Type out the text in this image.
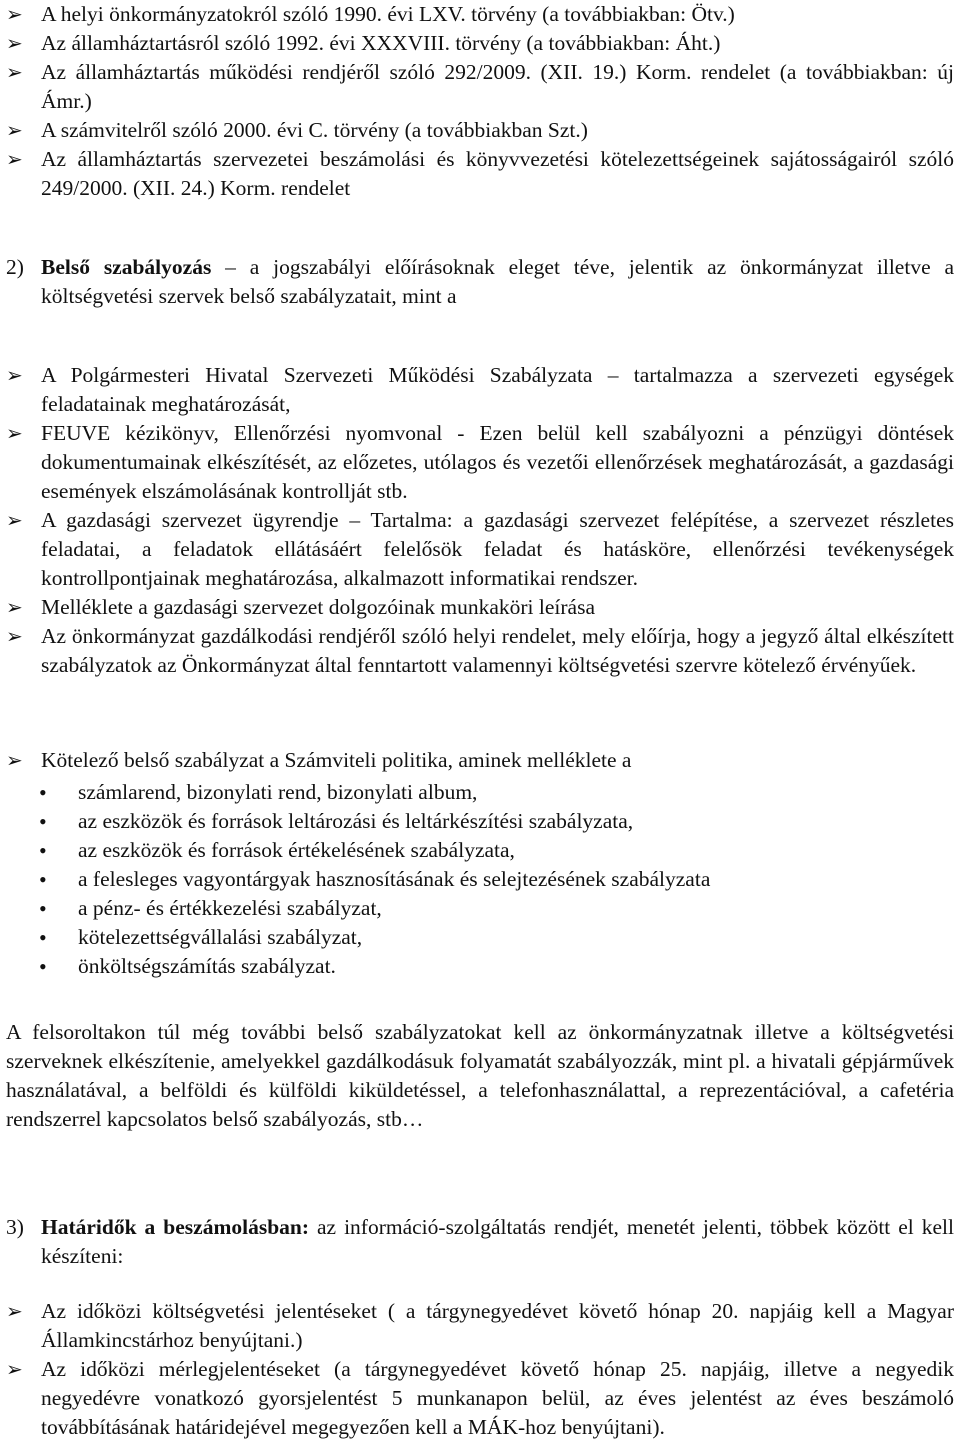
➢ A helyi önkormányzatokról szóló 1990. évi LXV. törvény (a továbbiakban: Ötv.)
➢ Az államháztartásról szóló 1992. évi XXXVIII. törvény (a továbbiakban: Áht.)
➢ Az államháztartás működési rendjéről szóló 292/2009. (XII. 19.) Korm. rendelet (a továbbiakban: új Ámr.)
➢ A számvitelről szóló 2000. évi C. törvény (a továbbiakban Szt.)
➢ Az államháztartás szervezetei beszámolási és könyvvezetési kötelezettségeinek sajátosságairól szóló 249/2000. (XII. 24.) Korm. rendelet
2) Belső szabályozás – a jogszabályi előírásoknak eleget téve, jelentik az önkormányzat illetve a költségvetési szervek belső szabályzatait, mint a
➢ A Polgármesteri Hivatal Szervezeti Működési Szabályzata – tartalmazza a szervezeti egységek feladatainak meghatározását,
➢ FEUVE kézikönyv, Ellenőrzési nyomvonal - Ezen belül kell szabályozni a pénzügyi döntések dokumentumainak elkészítését, az előzetes, utólagos és vezetői ellenőrzések meghatározását, a gazdasági események elszámolásának kontrollját stb.
➢ A gazdasági szervezet ügyrendje – Tartalma: a gazdasági szervezet felépítése, a szervezet részletes feladatai, a feladatok ellátásáért felelősök feladat és hatásköre, ellenőrzési tevékenységek kontrollpontjainak meghatározása, alkalmazott informatikai rendszer.
➢ Melléklete a gazdasági szervezet dolgozóinak munkaköri leírása
➢ Az önkormányzat gazdálkodási rendjéről szóló helyi rendelet, mely előírja, hogy a jegyző által elkészített szabályzatok az Önkormányzat által fenntartott valamennyi költségvetési szervre kötelező érvényűek.
➢ Kötelező belső szabályzat a Számviteli politika, aminek melléklete a
• számlarend, bizonylati rend, bizonylati album,
• az eszközök és források leltározási és leltárkészítési szabályzata,
• az eszközök és források értékelésének szabályzata,
• a felesleges vagyontárgyak hasznosításának és selejtezésének szabályzata
• a pénz- és értékkezelési szabályzat,
• kötelezettségvállalási szabályzat,
• önköltségszámítás szabályzat.
A felsoroltakon túl még további belső szabályzatokat kell az önkormányzatnak illetve a költségvetési szerveknek elkészítenie, amelyekkel gazdálkodásuk folyamatát szabályozzák, mint pl. a hivatali gépjárművek használatával, a belföldi és külföldi kiküldetéssel, a telefonhasználattal, a reprezentációval, a cafetéria rendszerrel kapcsolatos belső szabályozás, stb…
3) Határidők a beszámolásban: az információ-szolgáltatás rendjét, menetét jelenti, többek között el kell készíteni:
➢ Az időközi költségvetési jelentéseket ( a tárgynegyedévet követő hónap 20. napjáig kell a Magyar Államkincstárhoz benyújtani.)
➢ Az időközi mérlegjelentéseket (a tárgynegyedévet követő hónap 25. napjáig, illetve a negyedik negyedévre vonatkozó gyorsjelentést 5 munkanapon belül, az éves jelentést az éves beszámoló továbbításának határidejével megegyezően kell a MÁK-hoz benyújtani).
